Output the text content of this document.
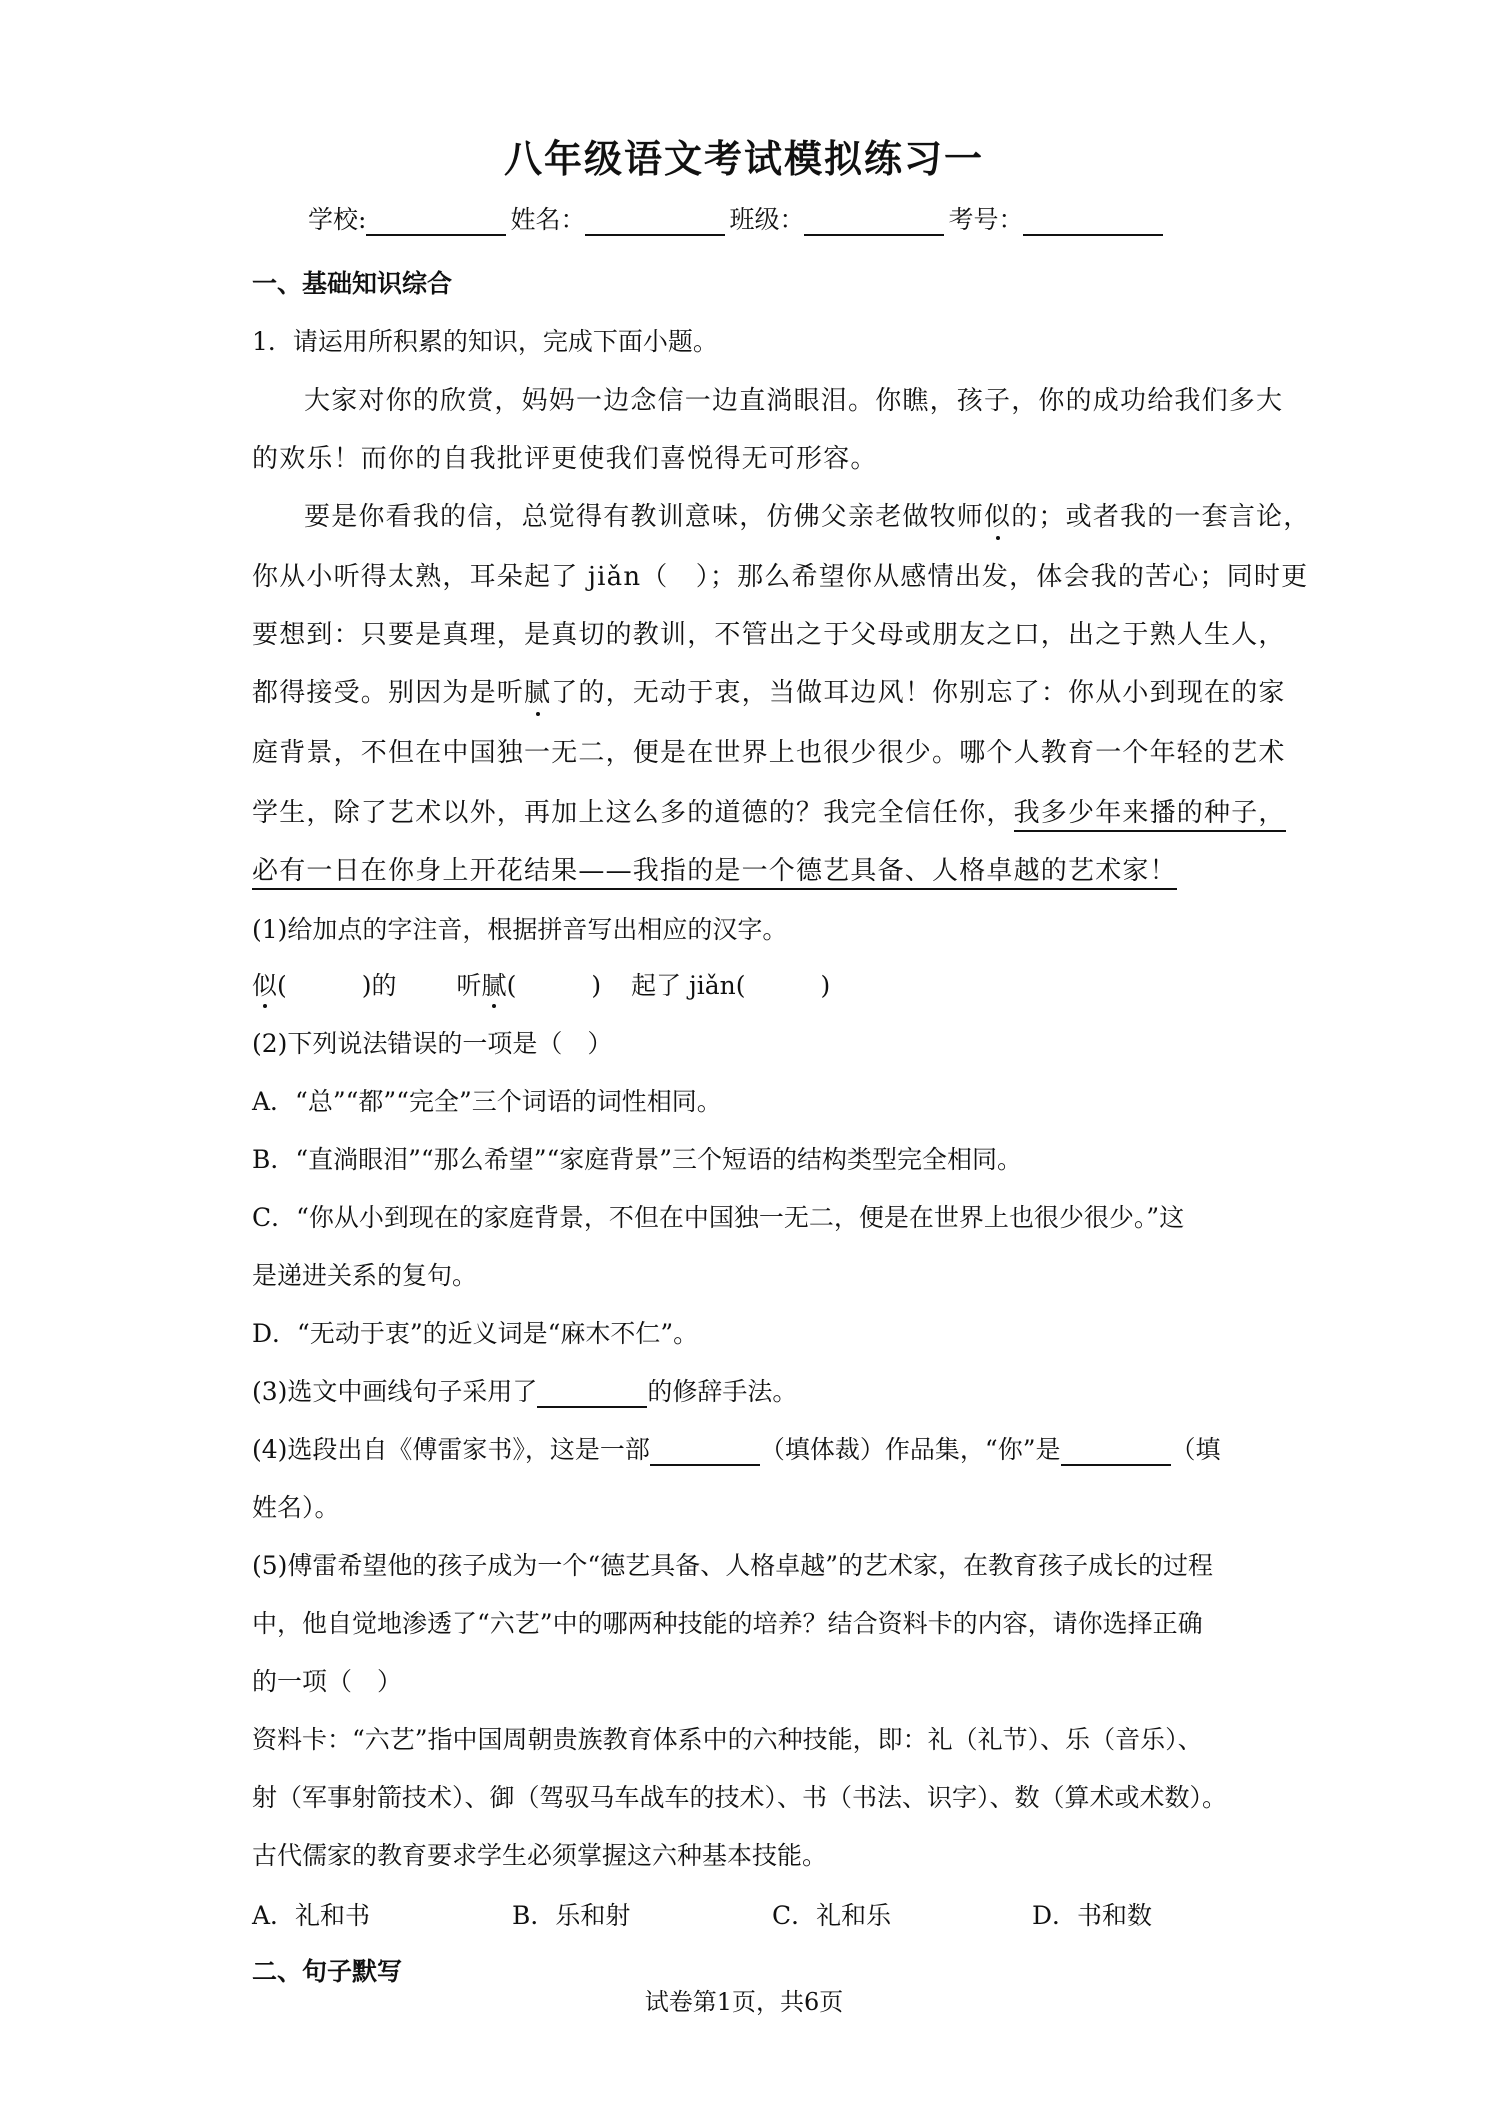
八年级语文考试模拟练习一
学校:	姓名：	班级：	考号：
一、基础知识综合
1．请运用所积累的知识，完成下面小题。
大家对你的欣赏，妈妈一边念信一边直淌眼泪。你瞧，孩子，你的成功给我们多大
的欢乐！而你的自我批评更使我们喜悦得无可形容。
要是你看我的信，总觉得有教训意味，仿佛父亲老做牧师似的；或者我的一套言论，
你从小听得太熟，耳朵起了 jiǎn（　）；那么希望你从感情出发，体会我的苦心；同时更
要想到：只要是真理，是真切的教训，不管出之于父母或朋友之口，出之于熟人生人，
都得接受。别因为是听腻了的，无动于衷，当做耳边风！你别忘了：你从小到现在的家
庭背景，不但在中国独一无二，便是在世界上也很少很少。哪个人教育一个年轻的艺术
学生，除了艺术以外，再加上这么多的道德的？我完全信任你，我多少年来播的种子，
必有一日在你身上开花结果——我指的是一个德艺具备、人格卓越的艺术家！
(1)给加点的字注音，根据拼音写出相应的汉字。
似(　　　)的 听腻(　　　) 起了 jiǎn(　　　)
(2)下列说法错误的一项是（　）
A．“总”“都”“完全”三个词语的词性相同。
B．“直淌眼泪”“那么希望”“家庭背景”三个短语的结构类型完全相同。
C．“你从小到现在的家庭背景，不但在中国独一无二，便是在世界上也很少很少。”这
是递进关系的复句。
D．“无动于衷”的近义词是“麻木不仁”。
(3)选文中画线句子采用了	的修辞手法。
(4)选段出自《傅雷家书》，这是一部	（填体裁）作品集，“你”是	（填
姓名）。
(5)傅雷希望他的孩子成为一个“德艺具备、人格卓越”的艺术家，在教育孩子成长的过程
中，他自觉地渗透了“六艺”中的哪两种技能的培养？结合资料卡的内容，请你选择正确
的一项（　）
资料卡：“六艺”指中国周朝贵族教育体系中的六种技能，即：礼（礼节）、乐（音乐）、
射（军事射箭技术）、御（驾驭马车战车的技术）、书（书法、识字）、数（算术或术数）。
古代儒家的教育要求学生必须掌握这六种基本技能。
A．礼和书	B．乐和射	C．礼和乐	D．书和数
二、句子默写
试卷第1页，共6页
